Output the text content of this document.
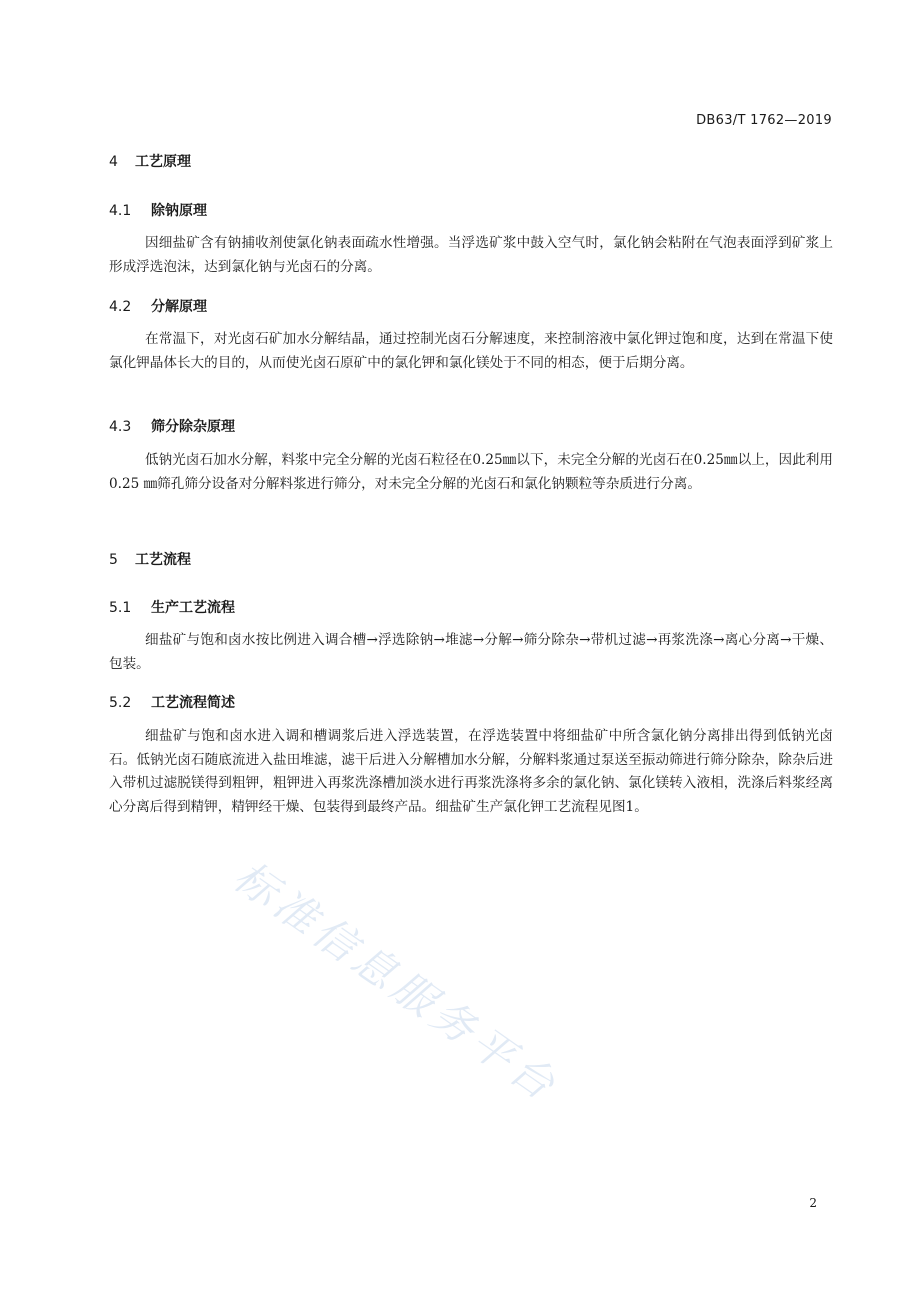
DB63/T 1762—2019
4 工艺原理
4.1 除钠原理

因细盐矿含有钠捕收剂使氯化钠表面疏水性增强。当浮选矿浆中鼓入空气时，氯化钠会粘附在气泡表面浮到矿浆上形成浮选泡沫，达到氯化钠与光卤石的分离。

4.2 分解原理

在常温下，对光卤石矿加水分解结晶，通过控制光卤石分解速度，来控制溶液中氯化钾过饱和度，达到在常温下使氯化钾晶体长大的目的，从而使光卤石原矿中的氯化钾和氯化镁处于不同的相态，便于后期分离。

4.3 筛分除杂原理

低钠光卤石加水分解，料浆中完全分解的光卤石粒径在0.25㎜以下，未完全分解的光卤石在0.25㎜以上，因此利用0.25 ㎜筛孔筛分设备对分解料浆进行筛分，对未完全分解的光卤石和氯化钠颗粒等杂质进行分离。

5 工艺流程
5.1 生产工艺流程

细盐矿与饱和卤水按比例进入调合槽→浮选除钠→堆滤→分解→筛分除杂→带机过滤→再浆洗涤→离心分离→干燥、包装。

5.2 工艺流程简述

细盐矿与饱和卤水进入调和槽调浆后进入浮选装置，在浮选装置中将细盐矿中所含氯化钠分离排出得到低钠光卤石。低钠光卤石随底流进入盐田堆滤，滤干后进入分解槽加水分解，分解料浆通过泵送至振动筛进行筛分除杂，除杂后进入带机过滤脱镁得到粗钾，粗钾进入再浆洗涤槽加淡水进行再浆洗涤将多余的氯化钠、氯化镁转入液相，洗涤后料浆经离心分离后得到精钾，精钾经干燥、包装得到最终产品。细盐矿生产氯化钾工艺流程见图1。

标准信息服务平台
2
